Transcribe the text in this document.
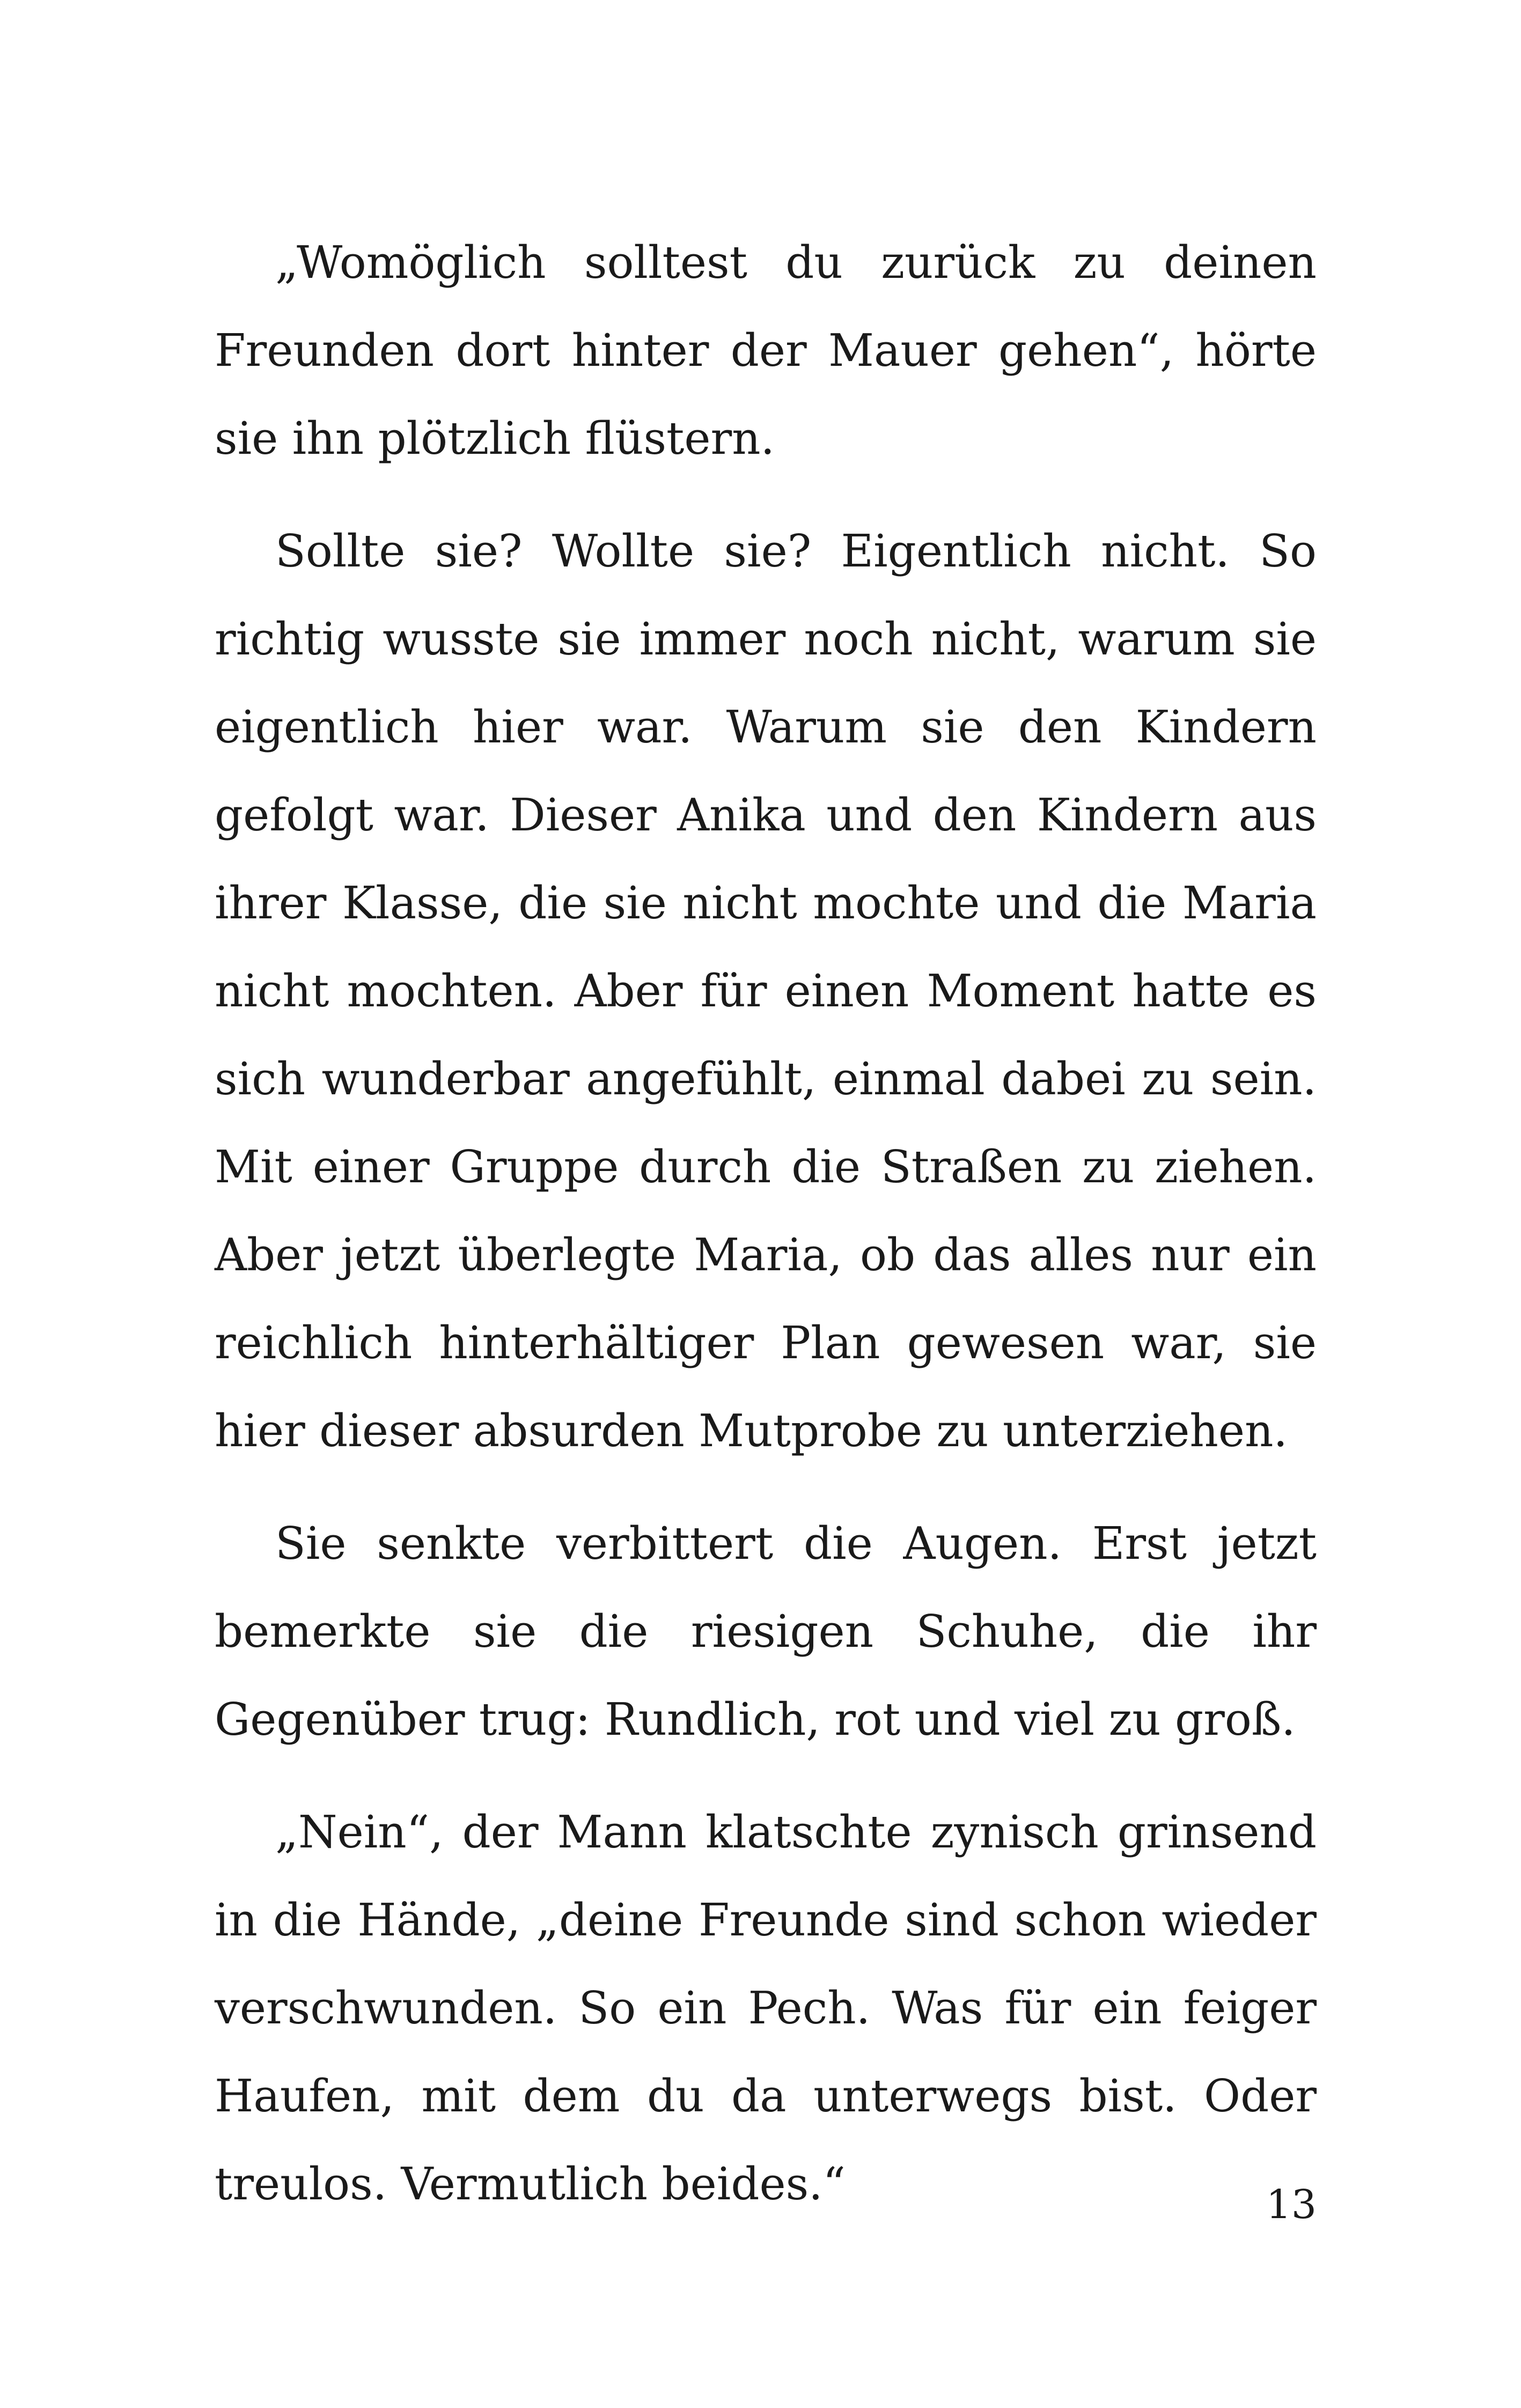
„Womöglich solltest du zurück zu deinen Freunden dort hinter der Mauer gehen“, hörte sie ihn plötzlich flüstern.

Sollte sie? Wollte sie? Eigentlich nicht. So richtig wusste sie immer noch nicht, warum sie eigentlich hier war. Warum sie den Kindern gefolgt war. Dieser Anika und den Kindern aus ihrer Klasse, die sie nicht mochte und die Maria nicht mochten. Aber für einen Moment hatte es sich wunderbar angefühlt, einmal dabei zu sein. Mit einer Gruppe durch die Straßen zu ziehen. Aber jetzt überlegte Maria, ob das alles nur ein reichlich hinterhältiger Plan gewesen war, sie hier dieser absurden Mutprobe zu unterziehen.

Sie senkte verbittert die Augen. Erst jetzt bemerkte sie die riesigen Schuhe, die ihr Gegenüber trug: Rundlich, rot und viel zu groß.

„Nein“, der Mann klatschte zynisch grinsend in die Hände, „deine Freunde sind schon wieder verschwunden. So ein Pech. Was für ein feiger Haufen, mit dem du da unterwegs bist. Oder treulos. Vermutlich beides.“	13
